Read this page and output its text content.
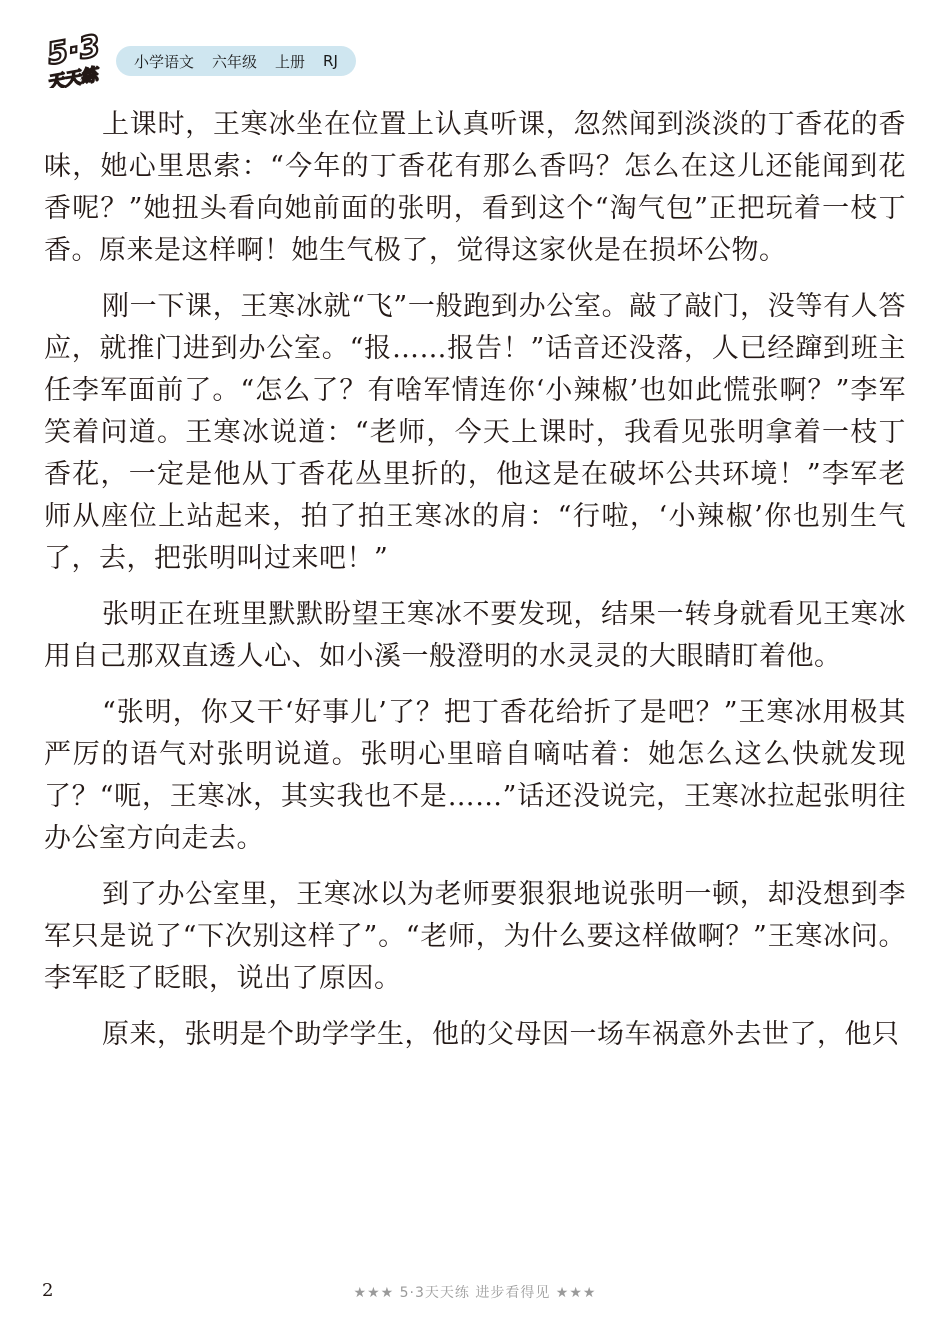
5·3
天天练
小学语文 六年级 上册 RJ

上课时，王寒冰坐在位置上认真听课，忽然闻到淡淡的丁香花的香味，她心里思索：“今年的丁香花有那么香吗？怎么在这儿还能闻到花香呢？”她扭头看向她前面的张明，看到这个“淘气包”正把玩着一枝丁香。原来是这样啊！她生气极了，觉得这家伙是在损坏公物。

刚一下课，王寒冰就“飞”一般跑到办公室。敲了敲门，没等有人答应，就推门进到办公室。“报……报告！”话音还没落，人已经蹿到班主任李军面前了。“怎么了？有啥军情连你‘小辣椒’也如此慌张啊？”李军笑着问道。王寒冰说道：“老师，今天上课时，我看见张明拿着一枝丁香花，一定是他从丁香花丛里折的，他这是在破坏公共环境！”李军老师从座位上站起来，拍了拍王寒冰的肩：“行啦，‘小辣椒’你也别生气了，去，把张明叫过来吧！”

张明正在班里默默盼望王寒冰不要发现，结果一转身就看见王寒冰用自己那双直透人心、如小溪一般澄明的水灵灵的大眼睛盯着他。

“张明，你又干‘好事儿’了？把丁香花给折了是吧？”王寒冰用极其严厉的语气对张明说道。张明心里暗自嘀咕着：她怎么这么快就发现了？“呃，王寒冰，其实我也不是……”话还没说完，王寒冰拉起张明往办公室方向走去。

到了办公室里，王寒冰以为老师要狠狠地说张明一顿，却没想到李军只是说了“下次别这样了”。“老师，为什么要这样做啊？”王寒冰问。李军眨了眨眼，说出了原因。

原来，张明是个助学学生，他的父母因一场车祸意外去世了，他只

2	★★★ 5·3天天练 进步看得见 ★★★
